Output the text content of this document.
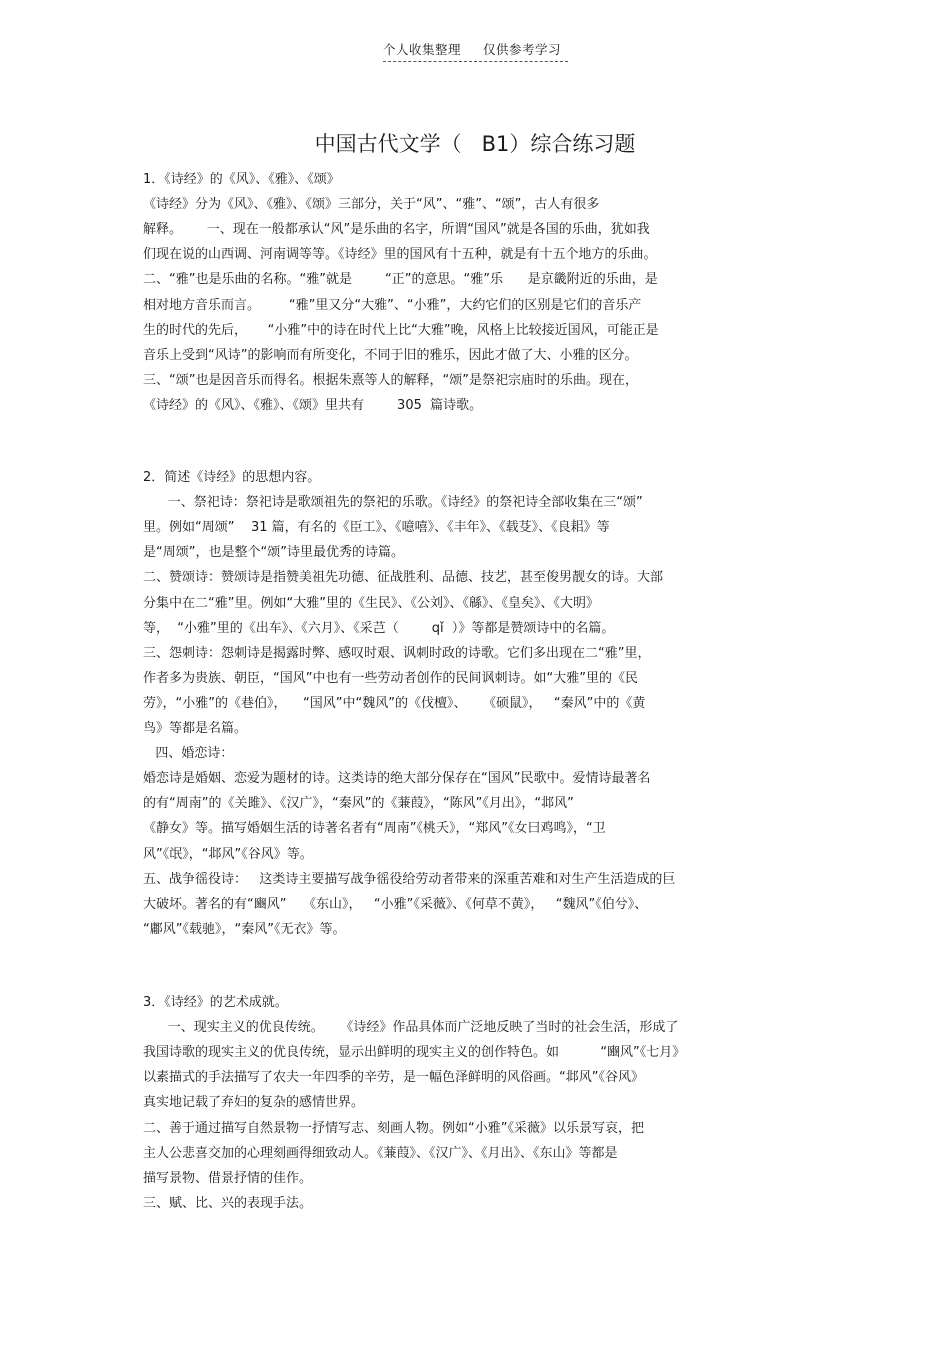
个人收集整理 仅供参考学习
中国古代文学（   B1）综合练习题
1．《诗经》的《风》、《雅》、《颂》
《诗经》分为《风》、《雅》、《颂》三部分，关于“风”、“雅”、“颂”，古人有很多
解释。      一、现在一般都承认“风”是乐曲的名字，所谓“国风”就是各国的乐曲，犹如我
们现在说的山西调、河南调等等。《诗经》里的国风有十五种，就是有十五个地方的乐曲。
二、“雅”也是乐曲的名称。“雅”就是        “正”的意思。“雅”乐      是京畿附近的乐曲，是
相对地方音乐而言。       “雅”里又分“大雅”、“小雅”，大约它们的区别是它们的音乐产
生的时代的先后，     “小雅”中的诗在时代上比“大雅”晚，风格上比较接近国风，可能正是
音乐上受到“风诗”的影响而有所变化，不同于旧的雅乐，因此才做了大、小雅的区分。
三、“颂”也是因音乐而得名。根据朱熹等人的解释，“颂”是祭祀宗庙时的乐曲。现在，
《诗经》的《风》、《雅》、《颂》里共有        305  篇诗歌。
2．简述《诗经》的思想内容。
一、祭祀诗：祭祀诗是歌颂祖先的祭祀的乐歌。《诗经》的祭祀诗全部收集在三“颂”
里。例如“周颂”    31 篇，有名的《臣工》、《噫嘻》、《丰年》、《载芟》、《良耜》等
是“周颂”，也是整个“颂”诗里最优秀的诗篇。
二、赞颂诗：赞颂诗是指赞美祖先功德、征战胜利、品德、技艺，甚至俊男靓女的诗。大部
分集中在二“雅”里。例如“大雅”里的《生民》、《公刘》、《緜》、《皇矣》、《大明》
等，  “小雅”里的《出车》、《六月》、《采芑（        qǐ  ）》等都是赞颂诗中的名篇。
三、怨刺诗：怨刺诗是揭露时弊、感叹时艰、讽刺时政的诗歌。它们多出现在二“雅”里，
作者多为贵族、朝臣，“国风”中也有一些劳动者创作的民间讽刺诗。如“大雅”里的《民
劳》，“小雅”的《巷伯》，    “国风”中“魏风”的《伐檀》、    《硕鼠》，   “秦风”中的《黄
鸟》等都是名篇。
四、婚恋诗：
婚恋诗是婚姻、恋爱为题材的诗。这类诗的绝大部分保存在“国风”民歌中。爱情诗最著名
的有“周南”的《关雎》、《汉广》，“秦风”的《蒹葭》，“陈风”《月出》，“邶风”
《静女》等。描写婚姻生活的诗著名者有“周南”《桃夭》，“郑风”《女曰鸡鸣》，“卫
风”《氓》，“邶风”《谷风》等。
五、战争徭役诗：   这类诗主要描写战争徭役给劳动者带来的深重苦难和对生产生活造成的巨
大破坏。著名的有“豳风”    《东山》，   “小雅”《采薇》、《何草不黄》，   “魏风”《伯兮》、
“鄘风”《载驰》，“秦风”《无衣》等。
3．《诗经》的艺术成就。
一、现实主义的优良传统。    《诗经》作品具体而广泛地反映了当时的社会生活，形成了
我国诗歌的现实主义的优良传统，显示出鲜明的现实主义的创作特色。如          “豳风”《七月》
以素描式的手法描写了农夫一年四季的辛劳，是一幅色泽鲜明的风俗画。“邶风”《谷风》
真实地记载了弃妇的复杂的感情世界。
二、善于通过描写自然景物一抒情写志、刻画人物。例如“小雅”《采薇》以乐景写哀，把
主人公悲喜交加的心理刻画得细致动人。《蒹葭》、《汉广》、《月出》、《东山》等都是
描写景物、借景抒情的佳作。
三、赋、比、兴的表现手法。
